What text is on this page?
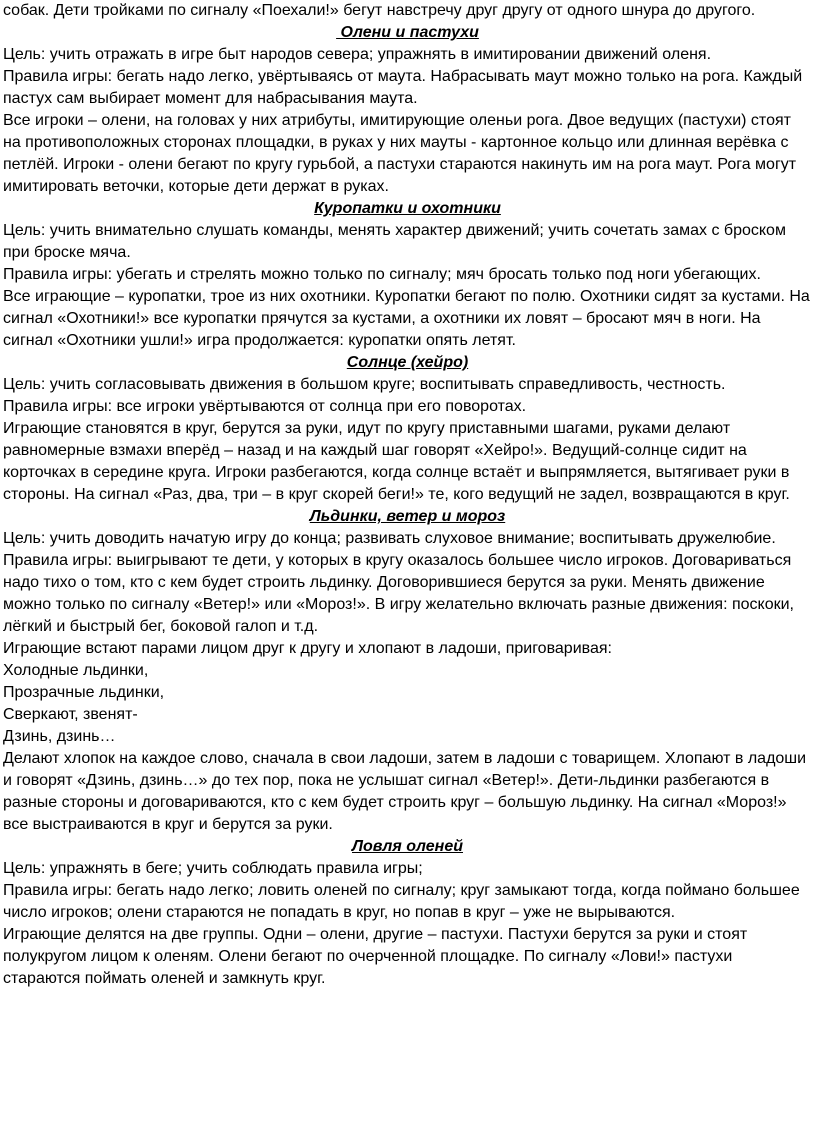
собак. Дети тройками по сигналу «Поехали!» бегут навстречу друг другу от одного шнура до другого.

Олени и пастухи

Цель: учить отражать в игре быт народов севера; упражнять в имитировании движений оленя.

Правила игры: бегать надо легко, увёртываясь от маута. Набрасывать маут можно только на рога. Каждый пастух сам выбирает момент для набрасывания маута.

Все игроки – олени, на головах у них атрибуты, имитирующие оленьи рога. Двое ведущих (пастухи) стоят на противоположных сторонах площадки, в руках у них мауты - картонное кольцо или длинная верёвка с петлёй. Игроки - олени бегают по кругу гурьбой, а пастухи стараются накинуть им на рога маут. Рога могут имитировать веточки, которые дети держат в руках.

Куропатки и охотники

Цель: учить внимательно слушать команды, менять характер движений; учить сочетать замах с броском при броске мяча.

Правила игры: убегать и стрелять можно только по сигналу; мяч бросать только под ноги убегающих.

Все играющие – куропатки, трое из них охотники. Куропатки бегают по полю. Охотники сидят за кустами. На сигнал «Охотники!» все куропатки прячутся за кустами, а охотники их ловят – бросают мяч в ноги. На сигнал «Охотники ушли!» игра продолжается: куропатки опять летят.

Солнце (хейро)

Цель: учить согласовывать движения в большом круге; воспитывать справедливость, честность.

Правила игры: все игроки увёртываются от солнца при его поворотах.

Играющие становятся в круг, берутся за руки, идут по кругу приставными шагами, руками делают равномерные взмахи вперёд – назад и на каждый шаг говорят «Хейро!». Ведущий-солнце сидит на корточках в середине круга. Игроки разбегаются, когда солнце встаёт и выпрямляется, вытягивает руки в стороны. На сигнал «Раз, два, три – в круг скорей беги!» те, кого ведущий не задел, возвращаются в круг.

Льдинки, ветер и мороз

Цель: учить доводить начатую игру до конца; развивать слуховое внимание; воспитывать дружелюбие.

Правила игры: выигрывают те дети, у которых в кругу оказалось большее число игроков. Договариваться надо тихо о том, кто с кем будет строить льдинку. Договорившиеся берутся за руки. Менять движение можно только по сигналу «Ветер!» или «Мороз!». В игру желательно включать разные движения: поскоки, лёгкий и быстрый бег, боковой галоп и т.д.

Играющие встают парами лицом друг к другу и хлопают в ладоши, приговаривая:

Холодные льдинки,

Прозрачные льдинки,

Сверкают, звенят-

Дзинь, дзинь…

Делают хлопок на каждое слово, сначала в свои ладоши, затем в ладоши с товарищем. Хлопают в ладоши и говорят «Дзинь, дзинь…» до тех пор, пока не услышат сигнал «Ветер!». Дети-льдинки разбегаются в разные стороны и договариваются, кто с кем будет строить круг – большую льдинку. На сигнал «Мороз!» все выстраиваются в круг и берутся за руки.

Ловля оленей

Цель: упражнять в беге; учить соблюдать правила игры;

Правила игры: бегать надо легко; ловить оленей по сигналу; круг замыкают тогда, когда поймано большее число игроков; олени стараются не попадать в круг, но попав в круг – уже не вырываются.

Играющие делятся на две группы. Одни – олени, другие – пастухи. Пастухи берутся за руки и стоят полукругом лицом к оленям. Олени бегают по очерченной площадке. По сигналу «Лови!» пастухи стараются поймать оленей и замкнуть круг.
